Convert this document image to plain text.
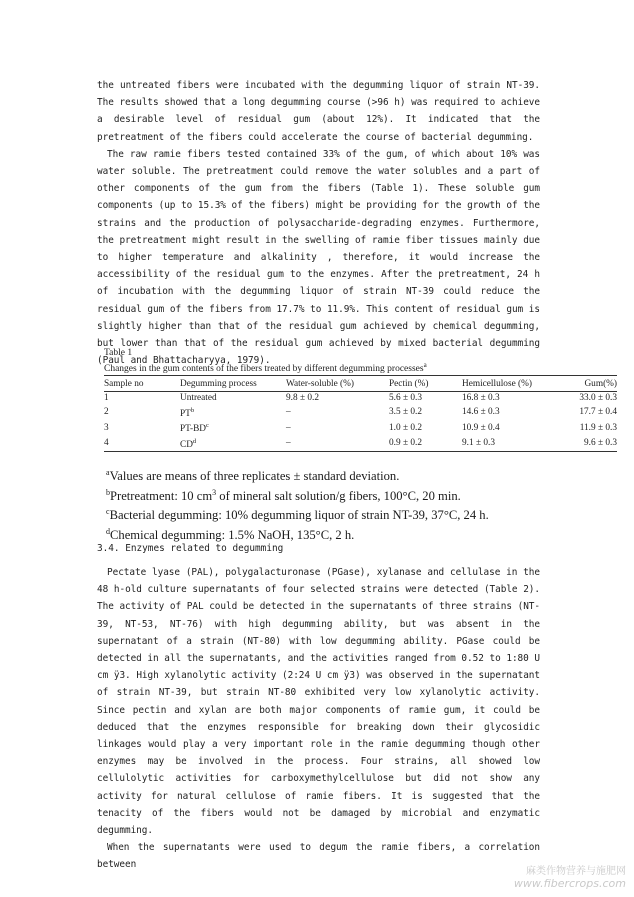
the untreated fibers were incubated with the degumming liquor of strain NT-39. The results showed that a long degumming course (>96 h) was required to achieve a desirable level of residual gum (about 12%). It indicated that the pretreatment of the fibers could accelerate the course of bacterial degumming.

The raw ramie fibers tested contained 33% of the gum, of which about 10% was water soluble. The pretreatment could remove the water solubles and a part of other components of the gum from the fibers (Table 1). These soluble gum components (up to 15.3% of the fibers) might be providing for the growth of the strains and the production of polysaccharide-degrading enzymes. Furthermore, the pretreatment might result in the swelling of ramie fiber tissues mainly due to higher temperature and alkalinity , therefore, it would increase the accessibility of the residual gum to the enzymes. After the pretreatment, 24 h of incubation with the degumming liquor of strain NT-39 could reduce the residual gum of the fibers from 17.7% to 11.9%. This content of residual gum is slightly higher than that of the residual gum achieved by chemical degumming, but lower than that of the residual gum achieved by mixed bacterial degumming (Paul and Bhattacharyya, 1979).

Table 1
Changes in the gum contents of the fibers treated by different degumming processes$^a$
Sample no	Degumming process	Water-soluble (%)	Pectin (%)	Hemicellulose (%)	Gum(%)
1	Untreated	9.8 ± 0.2	5.6 ± 0.3	16.8 ± 0.3	33.0 ± 0.3
2	$PT^b$	–	3.5 ± 0.2	14.6 ± 0.3	17.7 ± 0.4
3	$PT-BD^c$	–	1.0 ± 0.2	10.9 ± 0.4	11.9 ± 0.3
4	$CD^d$	–	0.9 ± 0.2	9.1 ± 0.3	9.6 ± 0.3
$^a$Values are means of three replicates ± standard deviation.
$^b$Pretreatment: 10 $cm^3$ of mineral salt solution/g fibers, 100°C, 20 min.
$^c$Bacterial degumming: 10% degumming liquor of strain NT-39, 37°C, 24 h.
$^d$Chemical degumming: 1.5% NaOH, 135°C, 2 h.
3.4. Enzymes related to degumming

Pectate lyase (PAL), polygalacturonase (PGase), xylanase and cellulase in the 48 h-old culture supernatants of four selected strains were detected (Table 2). The activity of PAL could be detected in the supernatants of three strains (NT-39, NT-53, NT-76) with high degumming ability, but was absent in the supernatant of a strain (NT-80) with low degumming ability. PGase could be detected in all the supernatants, and the activities ranged from 0.52 to 1:80 U cm ÿ3. High xylanolytic activity (2:24 U cm ÿ3) was observed in the supernatant of strain NT-39, but strain NT-80 exhibited very low xylanolytic activity. Since pectin and xylan are both major components of ramie gum, it could be deduced that the enzymes responsible for breaking down their glycosidic linkages would play a very important role in the ramie degumming though other enzymes may be involved in the process. Four strains, all showed low cellulolytic activities for carboxymethylcellulose but did not show any activity for natural cellulose of ramie fibers. It is suggested that the tenacity of the fibers would not be damaged by microbial and enzymatic degumming.

When the supernatants were used to degum the ramie fibers, a correlation between

麻类作物营养与施肥网
www.fibercrops.com
